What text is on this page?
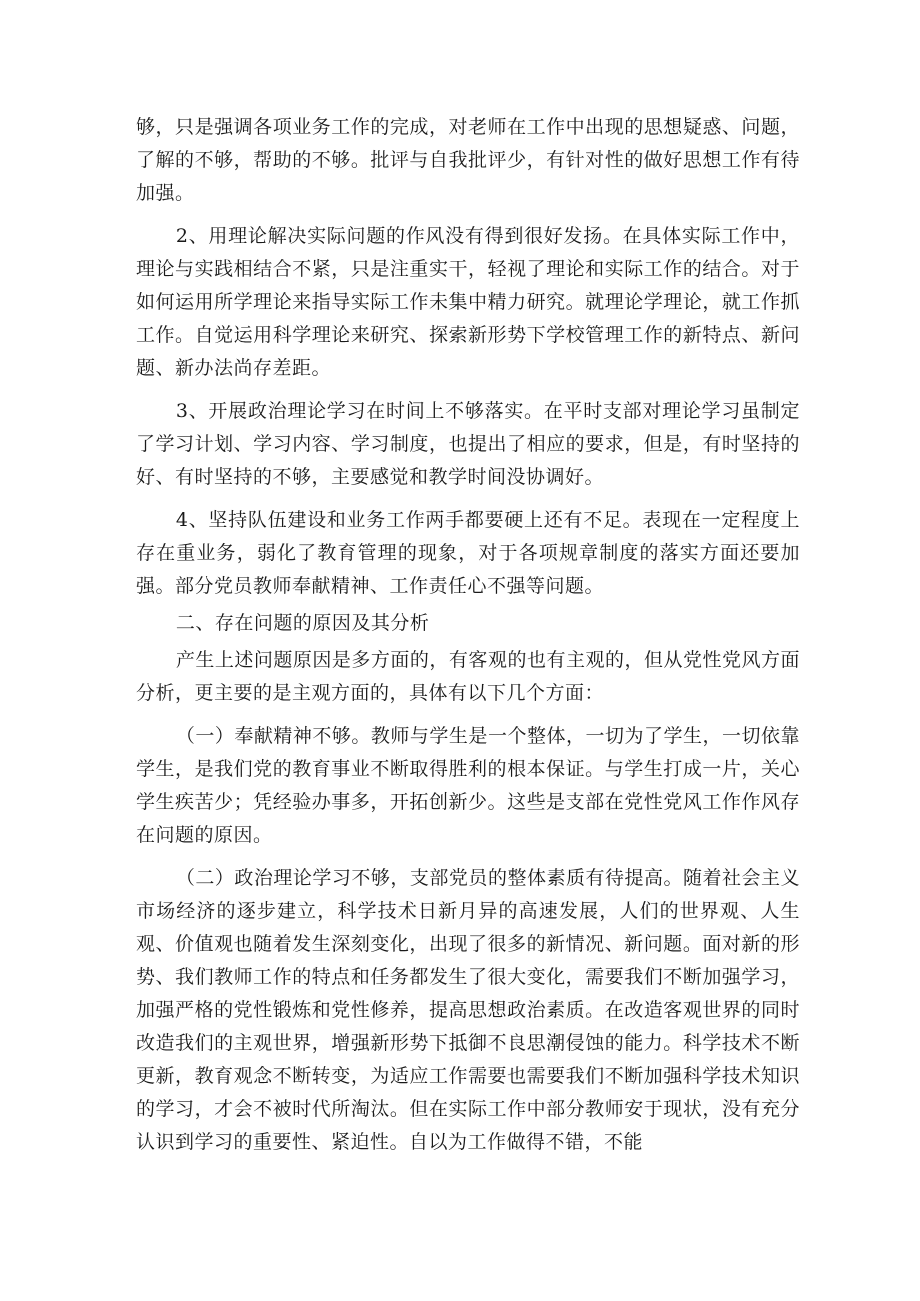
够，只是强调各项业务工作的完成，对老师在工作中出现的思想疑惑、问题，了解的不够，帮助的不够。批评与自我批评少，有针对性的做好思想工作有待加强。

2、用理论解决实际问题的作风没有得到很好发扬。在具体实际工作中，理论与实践相结合不紧，只是注重实干，轻视了理论和实际工作的结合。对于如何运用所学理论来指导实际工作未集中精力研究。就理论学理论，就工作抓工作。自觉运用科学理论来研究、探索新形势下学校管理工作的新特点、新问题、新办法尚存差距。

3、开展政治理论学习在时间上不够落实。在平时支部对理论学习虽制定了学习计划、学习内容、学习制度，也提出了相应的要求，但是，有时坚持的好、有时坚持的不够，主要感觉和教学时间没协调好。

4、坚持队伍建设和业务工作两手都要硬上还有不足。表现在一定程度上存在重业务，弱化了教育管理的现象，对于各项规章制度的落实方面还要加强。部分党员教师奉献精神、工作责任心不强等问题。

二、存在问题的原因及其分析

产生上述问题原因是多方面的，有客观的也有主观的，但从党性党风方面分析，更主要的是主观方面的，具体有以下几个方面：

（一）奉献精神不够。教师与学生是一个整体，一切为了学生，一切依靠学生，是我们党的教育事业不断取得胜利的根本保证。与学生打成一片，关心学生疾苦少；凭经验办事多，开拓创新少。这些是支部在党性党风工作作风存在问题的原因。

（二）政治理论学习不够，支部党员的整体素质有待提高。随着社会主义市场经济的逐步建立，科学技术日新月异的高速发展，人们的世界观、人生观、价值观也随着发生深刻变化，出现了很多的新情况、新问题。面对新的形势、我们教师工作的特点和任务都发生了很大变化，需要我们不断加强学习，加强严格的党性锻炼和党性修养，提高思想政治素质。在改造客观世界的同时改造我们的主观世界，增强新形势下抵御不良思潮侵蚀的能力。科学技术不断更新，教育观念不断转变，为适应工作需要也需要我们不断加强科学技术知识的学习，才会不被时代所淘汰。但在实际工作中部分教师安于现状，没有充分认识到学习的重要性、紧迫性。自以为工作做得不错，不能
